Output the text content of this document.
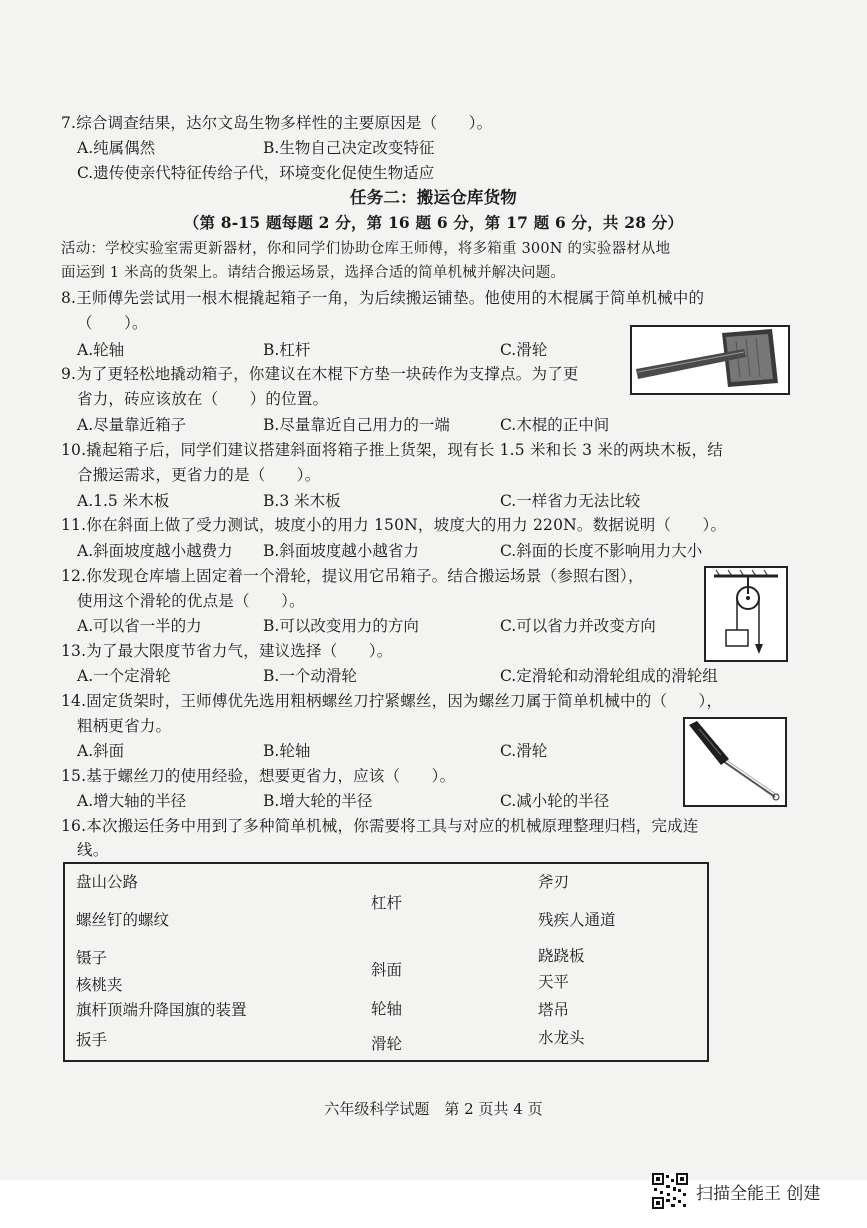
7.综合调查结果，达尔文岛生物多样性的主要原因是（　　）。
A.纯属偶然	B.生物自己决定改变特征
C.遗传使亲代特征传给子代，环境变化促使生物适应
任务二：搬运仓库货物
（第 8-15 题每题 2 分，第 16 题 6 分，第 17 题 6 分，共 28 分）
活动：学校实验室需更新器材，你和同学们协助仓库王师傅，将多箱重 300N 的实验器材从地
面运到 1 米高的货架上。请结合搬运场景，选择合适的简单机械并解决问题。
8.王师傅先尝试用一根木棍撬起箱子一角，为后续搬运铺垫。他使用的木棍属于简单机械中的
（　　）。
A.轮轴	B.杠杆	C.滑轮
9.为了更轻松地撬动箱子，你建议在木棍下方垫一块砖作为支撑点。为了更
省力，砖应该放在（　　）的位置。
A.尽量靠近箱子	B.尽量靠近自己用力的一端	C.木棍的正中间
10.撬起箱子后，同学们建议搭建斜面将箱子推上货架，现有长 1.5 米和长 3 米的两块木板，结
合搬运需求，更省力的是（　　）。
A.1.5 米木板	B.3 米木板	C.一样省力无法比较
11.你在斜面上做了受力测试，坡度小的用力 150N，坡度大的用力 220N。数据说明（　　）。
A.斜面坡度越小越费力 B.斜面坡度越小越省力	C.斜面的长度不影响用力大小
12.你发现仓库墙上固定着一个滑轮，提议用它吊箱子。结合搬运场景（参照右图），
使用这个滑轮的优点是（　　）。
A.可以省一半的力	B.可以改变用力的方向	C.可以省力并改变方向
13.为了最大限度节省力气，建议选择（　　）。
A.一个定滑轮	B.一个动滑轮	C.定滑轮和动滑轮组成的滑轮组
14.固定货架时，王师傅优先选用粗柄螺丝刀拧紧螺丝，因为螺丝刀属于简单机械中的（　　），
粗柄更省力。
A.斜面	B.轮轴	C.滑轮
15.基于螺丝刀的使用经验，想要更省力，应该（　　）。
A.增大轴的半径	B.增大轮的半径	C.减小轮的半径
16.本次搬运任务中用到了多种简单机械，你需要将工具与对应的机械原理整理归档，完成连
线。
盘山公路
螺丝钉的螺纹
镊子
核桃夹
旗杆顶端升降国旗的装置
扳手
杠杆
斜面
轮轴
滑轮
斧刃
残疾人通道
跷跷板
天平
塔吊
水龙头
六年级科学试题　第 2 页共 4 页
扫描全能王 创建
